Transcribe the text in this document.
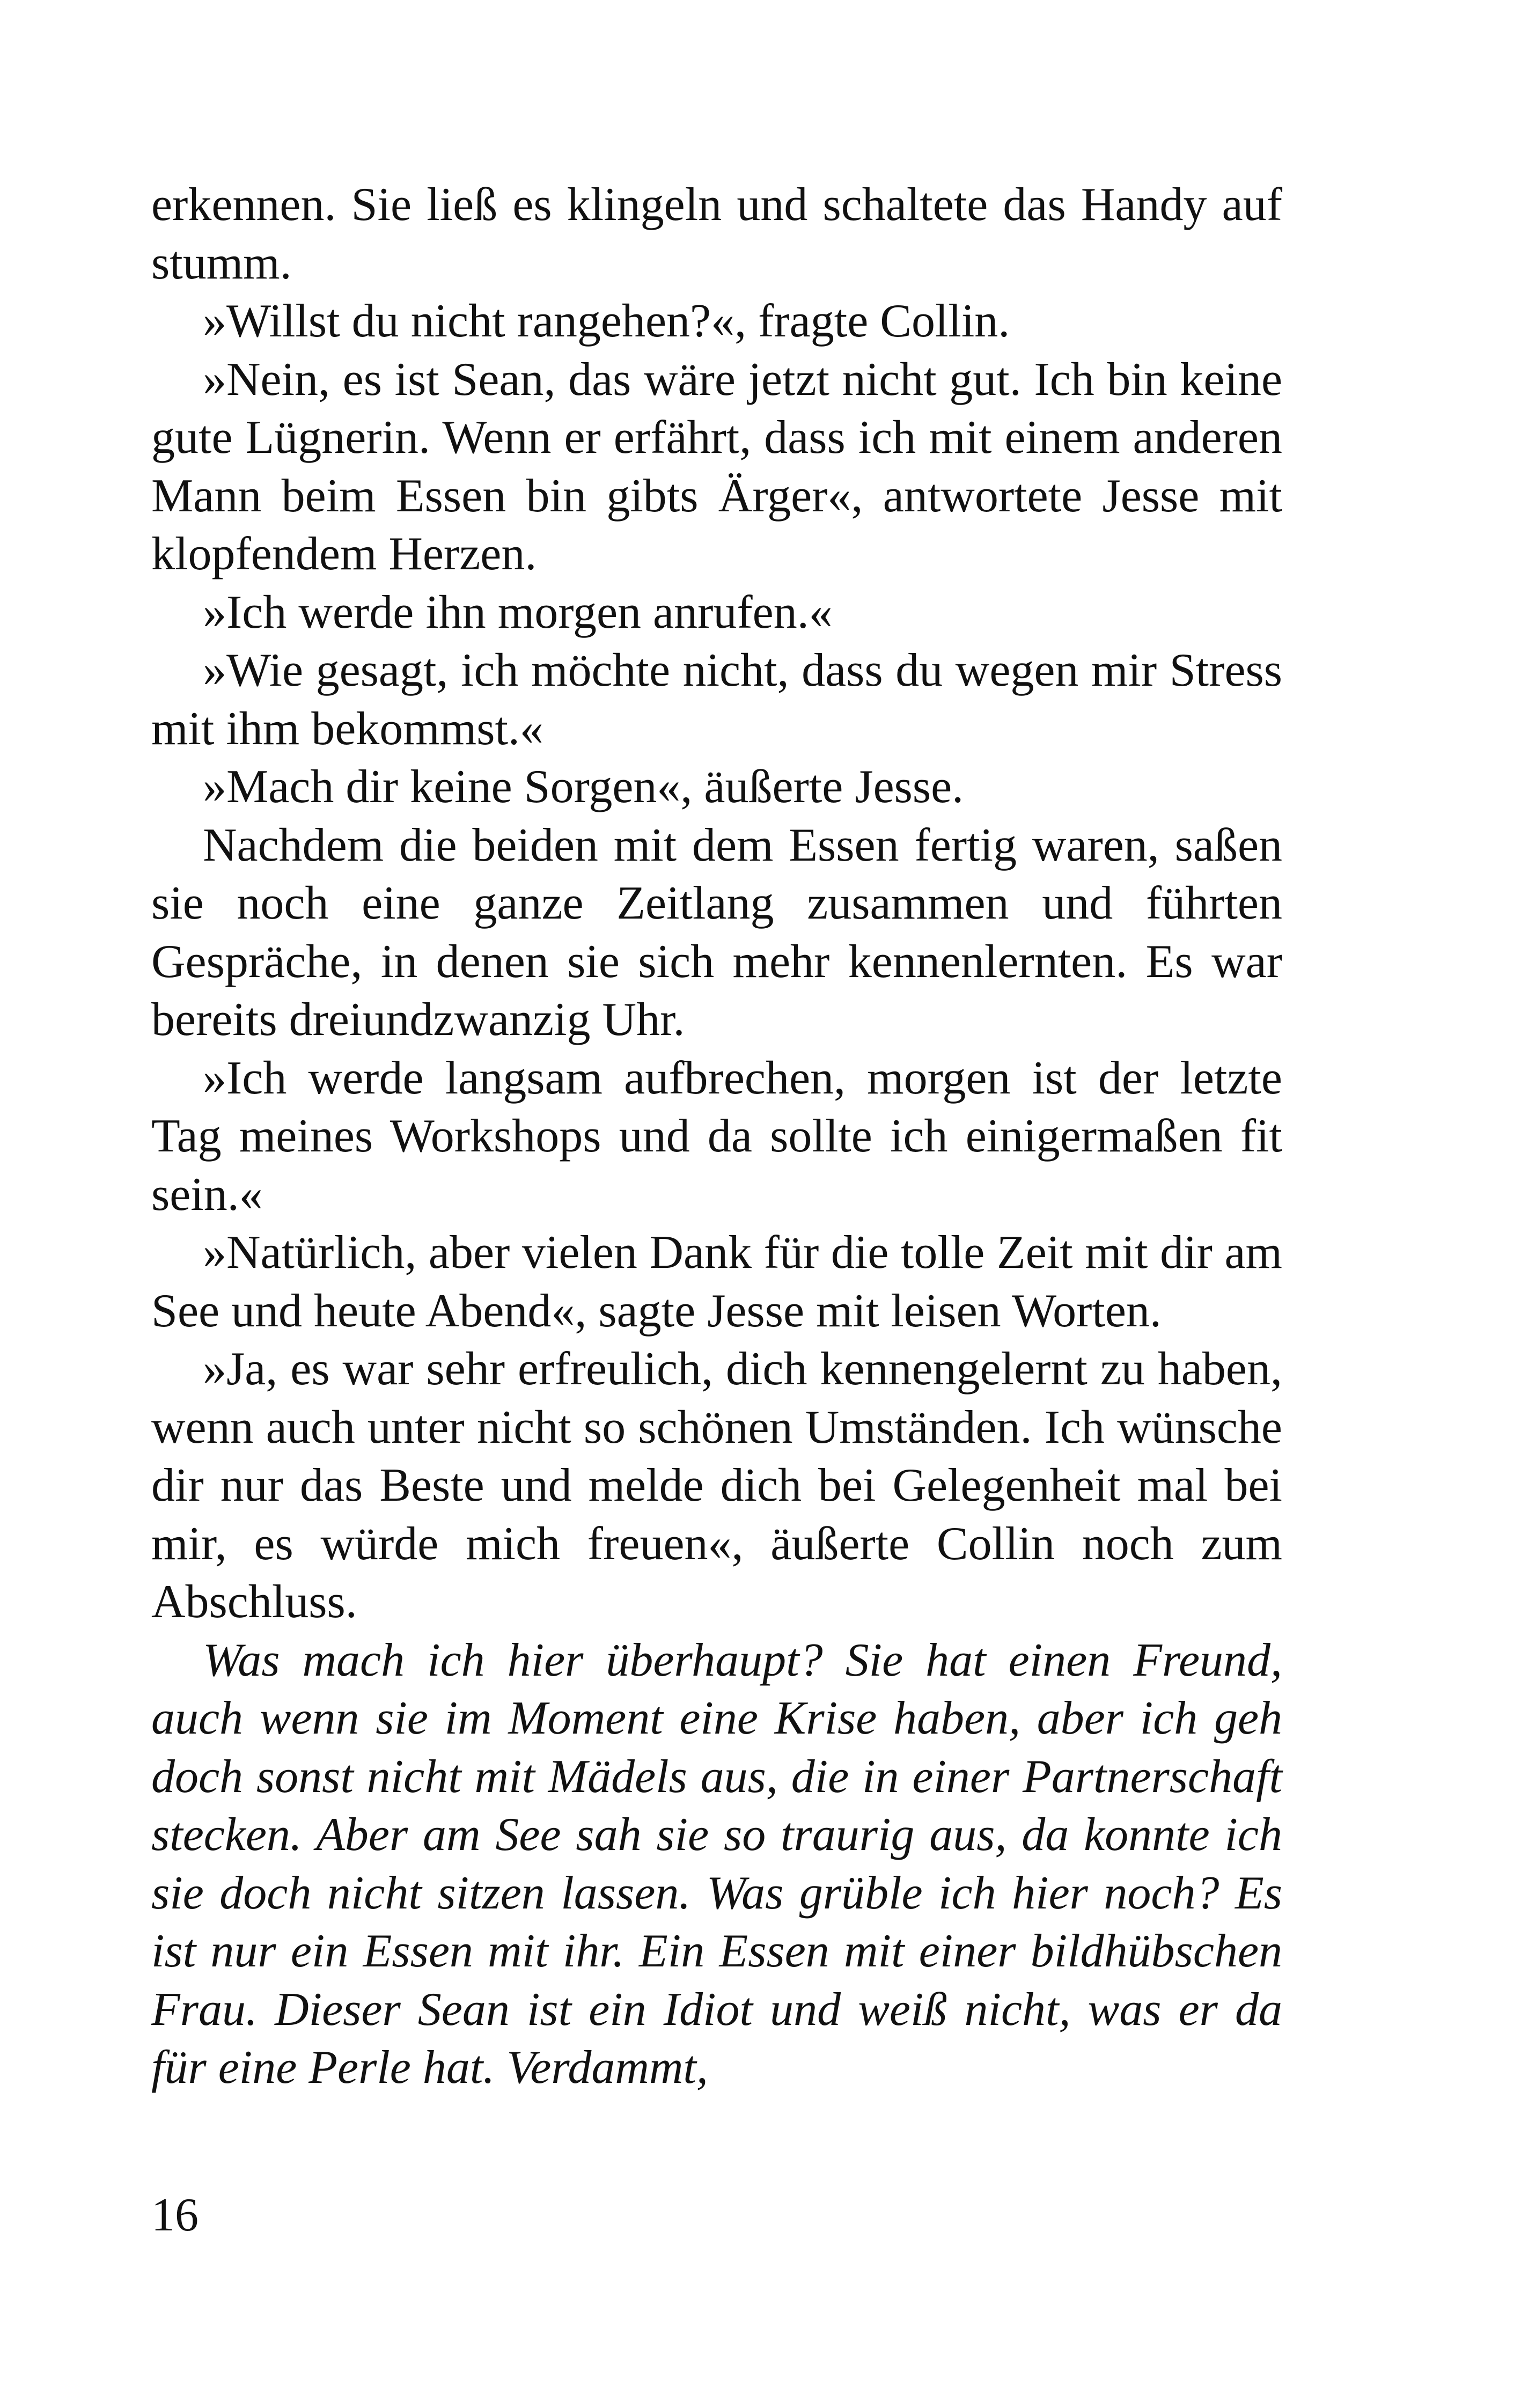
erkennen. Sie ließ es klingeln und schaltete das Handy auf stumm.

»Willst du nicht rangehen?«, fragte Collin.

»Nein, es ist Sean, das wäre jetzt nicht gut. Ich bin keine gute Lügnerin. Wenn er erfährt, dass ich mit einem anderen Mann beim Essen bin gibts Ärger«, antwortete Jesse mit klopfendem Herzen.

»Ich werde ihn morgen anrufen.«

»Wie gesagt, ich möchte nicht, dass du wegen mir Stress mit ihm bekommst.«

»Mach dir keine Sorgen«, äußerte Jesse.

Nachdem die beiden mit dem Essen fertig waren, saßen sie noch eine ganze Zeitlang zusammen und führten Gespräche, in denen sie sich mehr kennenlernten. Es war bereits dreiundzwanzig Uhr.

»Ich werde langsam aufbrechen, morgen ist der letzte Tag meines Workshops und da sollte ich einigermaßen fit sein.«

»Natürlich, aber vielen Dank für die tolle Zeit mit dir am See und heute Abend«, sagte Jesse mit leisen Worten.

»Ja, es war sehr erfreulich, dich kennengelernt zu haben, wenn auch unter nicht so schönen Umständen. Ich wünsche dir nur das Beste und melde dich bei Gelegenheit mal bei mir, es würde mich freuen«, äußerte Collin noch zum Abschluss.

Was mach ich hier überhaupt? Sie hat einen Freund, auch wenn sie im Moment eine Krise haben, aber ich geh doch sonst nicht mit Mädels aus, die in einer Partnerschaft stecken. Aber am See sah sie so traurig aus, da konnte ich sie doch nicht sitzen lassen. Was grüble ich hier noch? Es ist nur ein Essen mit ihr. Ein Essen mit einer bildhübschen Frau. Dieser Sean ist ein Idiot und weiß nicht, was er da für eine Perle hat. Verdammt,

16
